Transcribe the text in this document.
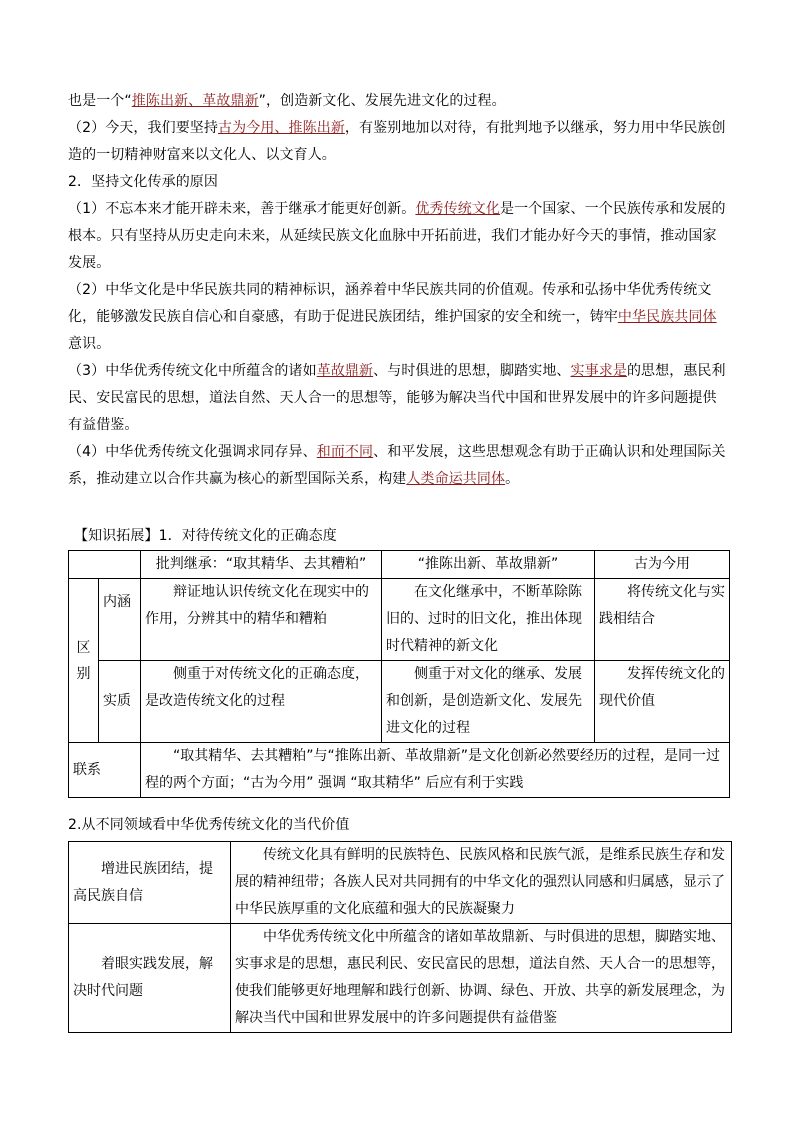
也是一个“推陈出新、革故鼎新”，创造新文化、发展先进文化的过程。

（2）今天，我们要坚持古为今用、推陈出新，有鉴别地加以对待，有批判地予以继承，努力用中华民族创造的一切精神财富来以文化人、以文育人。

2．坚持文化传承的原因

（1）不忘本来才能开辟未来，善于继承才能更好创新。优秀传统文化是一个国家、一个民族传承和发展的根本。只有坚持从历史走向未来，从延续民族文化血脉中开拓前进，我们才能办好今天的事情，推动国家发展。

（2）中华文化是中华民族共同的精神标识，涵养着中华民族共同的价值观。传承和弘扬中华优秀传统文化，能够激发民族自信心和自豪感，有助于促进民族团结，维护国家的安全和统一，铸牢中华民族共同体意识。

（3）中华优秀传统文化中所蕴含的诸如革故鼎新、与时俱进的思想，脚踏实地、实事求是的思想，惠民利民、安民富民的思想，道法自然、天人合一的思想等，能够为解决当代中国和世界发展中的许多问题提供有益借鉴。

（4）中华优秀传统文化强调求同存异、和而不同、和平发展，这些思想观念有助于正确认识和处理国际关系，推动建立以合作共赢为核心的新型国际关系，构建人类命运共同体。

【知识拓展】1．对待传统文化的正确态度

		批判继承：“取其精华、去其糟粕”	“推陈出新、革故鼎新”	古为今用

区
别	内涵	辩证地认识传统文化在现实中的作用，分辨其中的精华和糟粕	在文化继承中，不断革除陈旧的、过时的旧文化，推出体现时代精神的新文化	将传统文化与实践相结合
	实质	侧重于对传统文化的正确态度，是改造传统文化的过程	侧重于对文化的继承、发展和创新，是创造新文化、发展先进文化的过程	发挥传统文化的现代价值
联系		“取其精华、去其糟粕”与“推陈出新、革故鼎新”是文化创新必然要经历的过程，是同一过程的两个方面；“古为今用” 强调 “取其精华” 后应有利于实践		

2.从不同领域看中华优秀传统文化的当代价值

增进民族团结，提高民族自信	传统文化具有鲜明的民族特色、民族风格和民族气派，是维系民族生存和发展的精神纽带；各族人民对共同拥有的中华文化的强烈认同感和归属感，显示了中华民族厚重的文化底蕴和强大的民族凝聚力
着眼实践发展，解决时代问题	中华优秀传统文化中所蕴含的诸如革故鼎新、与时俱进的思想，脚踏实地、实事求是的思想，惠民利民、安民富民的思想，道法自然、天人合一的思想等，使我们能够更好地理解和践行创新、协调、绿色、开放、共享的新发展理念，为解决当代中国和世界发展中的许多问题提供有益借鉴
